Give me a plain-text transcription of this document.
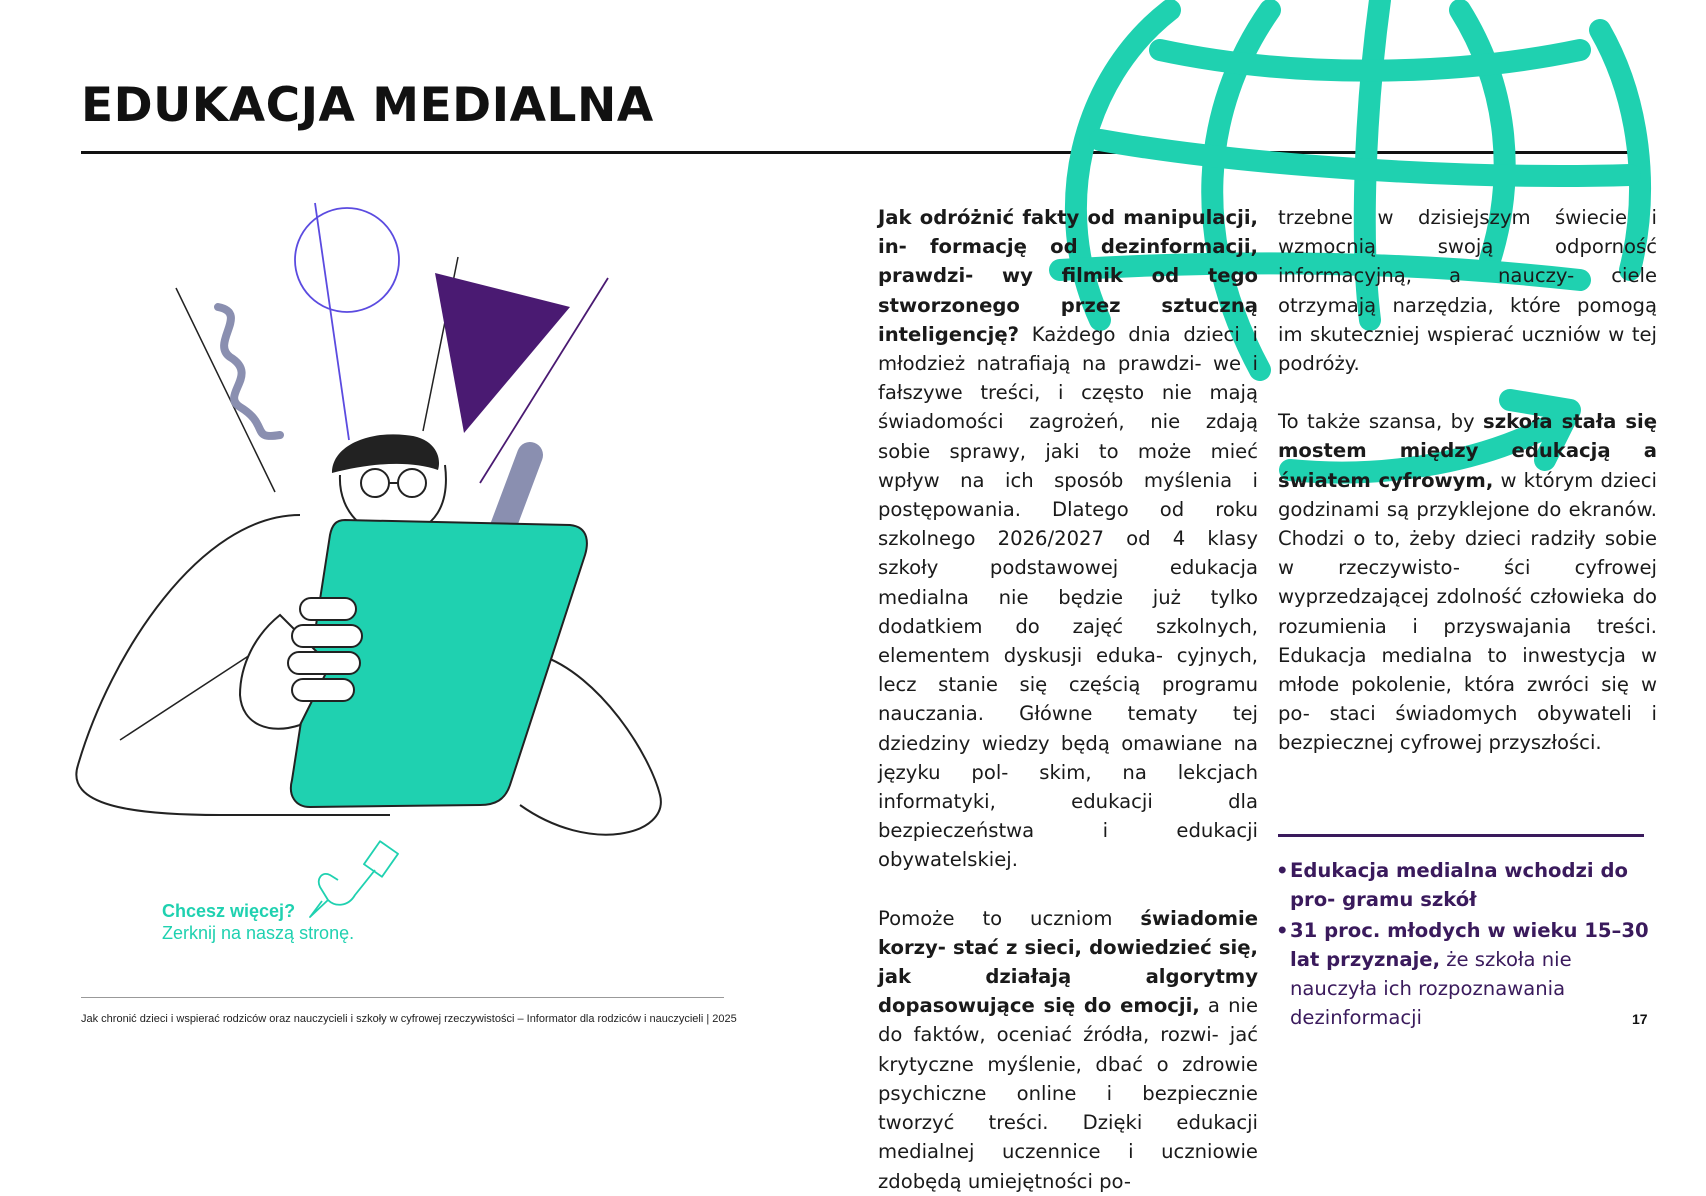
EDUKACJA MEDIALNA
Chcesz więcej?
Zerknij na naszą stronę.

Jak odróżnić fakty od manipulacji, in- formację od dezinformacji, prawdzi- wy filmik od tego stworzonego przez sztuczną inteligencję? Każdego dnia dzieci i młodzież natrafiają na prawdzi- we i fałszywe treści, i często nie mają świadomości zagrożeń, nie zdają sobie sprawy, jaki to może mieć wpływ na ich sposób myślenia i postępowania. Dlatego od roku szkolnego 2026/2027 od 4 klasy szkoły podstawowej edukacja medialna nie będzie już tylko dodatkiem do zajęć szkolnych, elementem dyskusji eduka- cyjnych, lecz stanie się częścią programu nauczania. Główne tematy tej dziedziny wiedzy będą omawiane na języku pol- skim, na lekcjach informatyki, edukacji dla bezpieczeństwa i edukacji obywatelskiej.

Pomoże to uczniom świadomie korzy- stać z sieci, dowiedzieć się, jak działają algorytmy dopasowujące się do emocji, a nie do faktów, oceniać źródła, rozwi- jać krytyczne myślenie, dbać o zdrowie psychiczne online i bezpiecznie tworzyć treści. Dzięki edukacji medialnej uczennice i uczniowie zdobędą umiejętności po-

trzebne w dzisiejszym świecie i wzmocnią swoją odporność informacyjną, a nauczy- ciele otrzymają narzędzia, które pomogą im skuteczniej wspierać uczniów w tej podróży.

To także szansa, by szkoła stała się mostem między edukacją a światem cyfrowym, w którym dzieci godzinami są przyklejone do ekranów. Chodzi o to, żeby dzieci radziły sobie w rzeczywisto- ści cyfrowej wyprzedzającej zdolność człowieka do rozumienia i przyswajania treści. Edukacja medialna to inwestycja w młode pokolenie, która zwróci się w po- staci świadomych obywateli i bezpiecznej cyfrowej przyszłości.

• Edukacja medialna wchodzi do pro- gramu szkół
• 31 proc. młodych w wieku 15–30 lat przyznaje, że szkoła nie nauczyła ich rozpoznawania dezinformacji
Jak chronić dzieci i wspierać rodziców oraz nauczycieli i szkoły w cyfrowej rzeczywistości – Informator dla rodziców i nauczycieli | 2025	17
